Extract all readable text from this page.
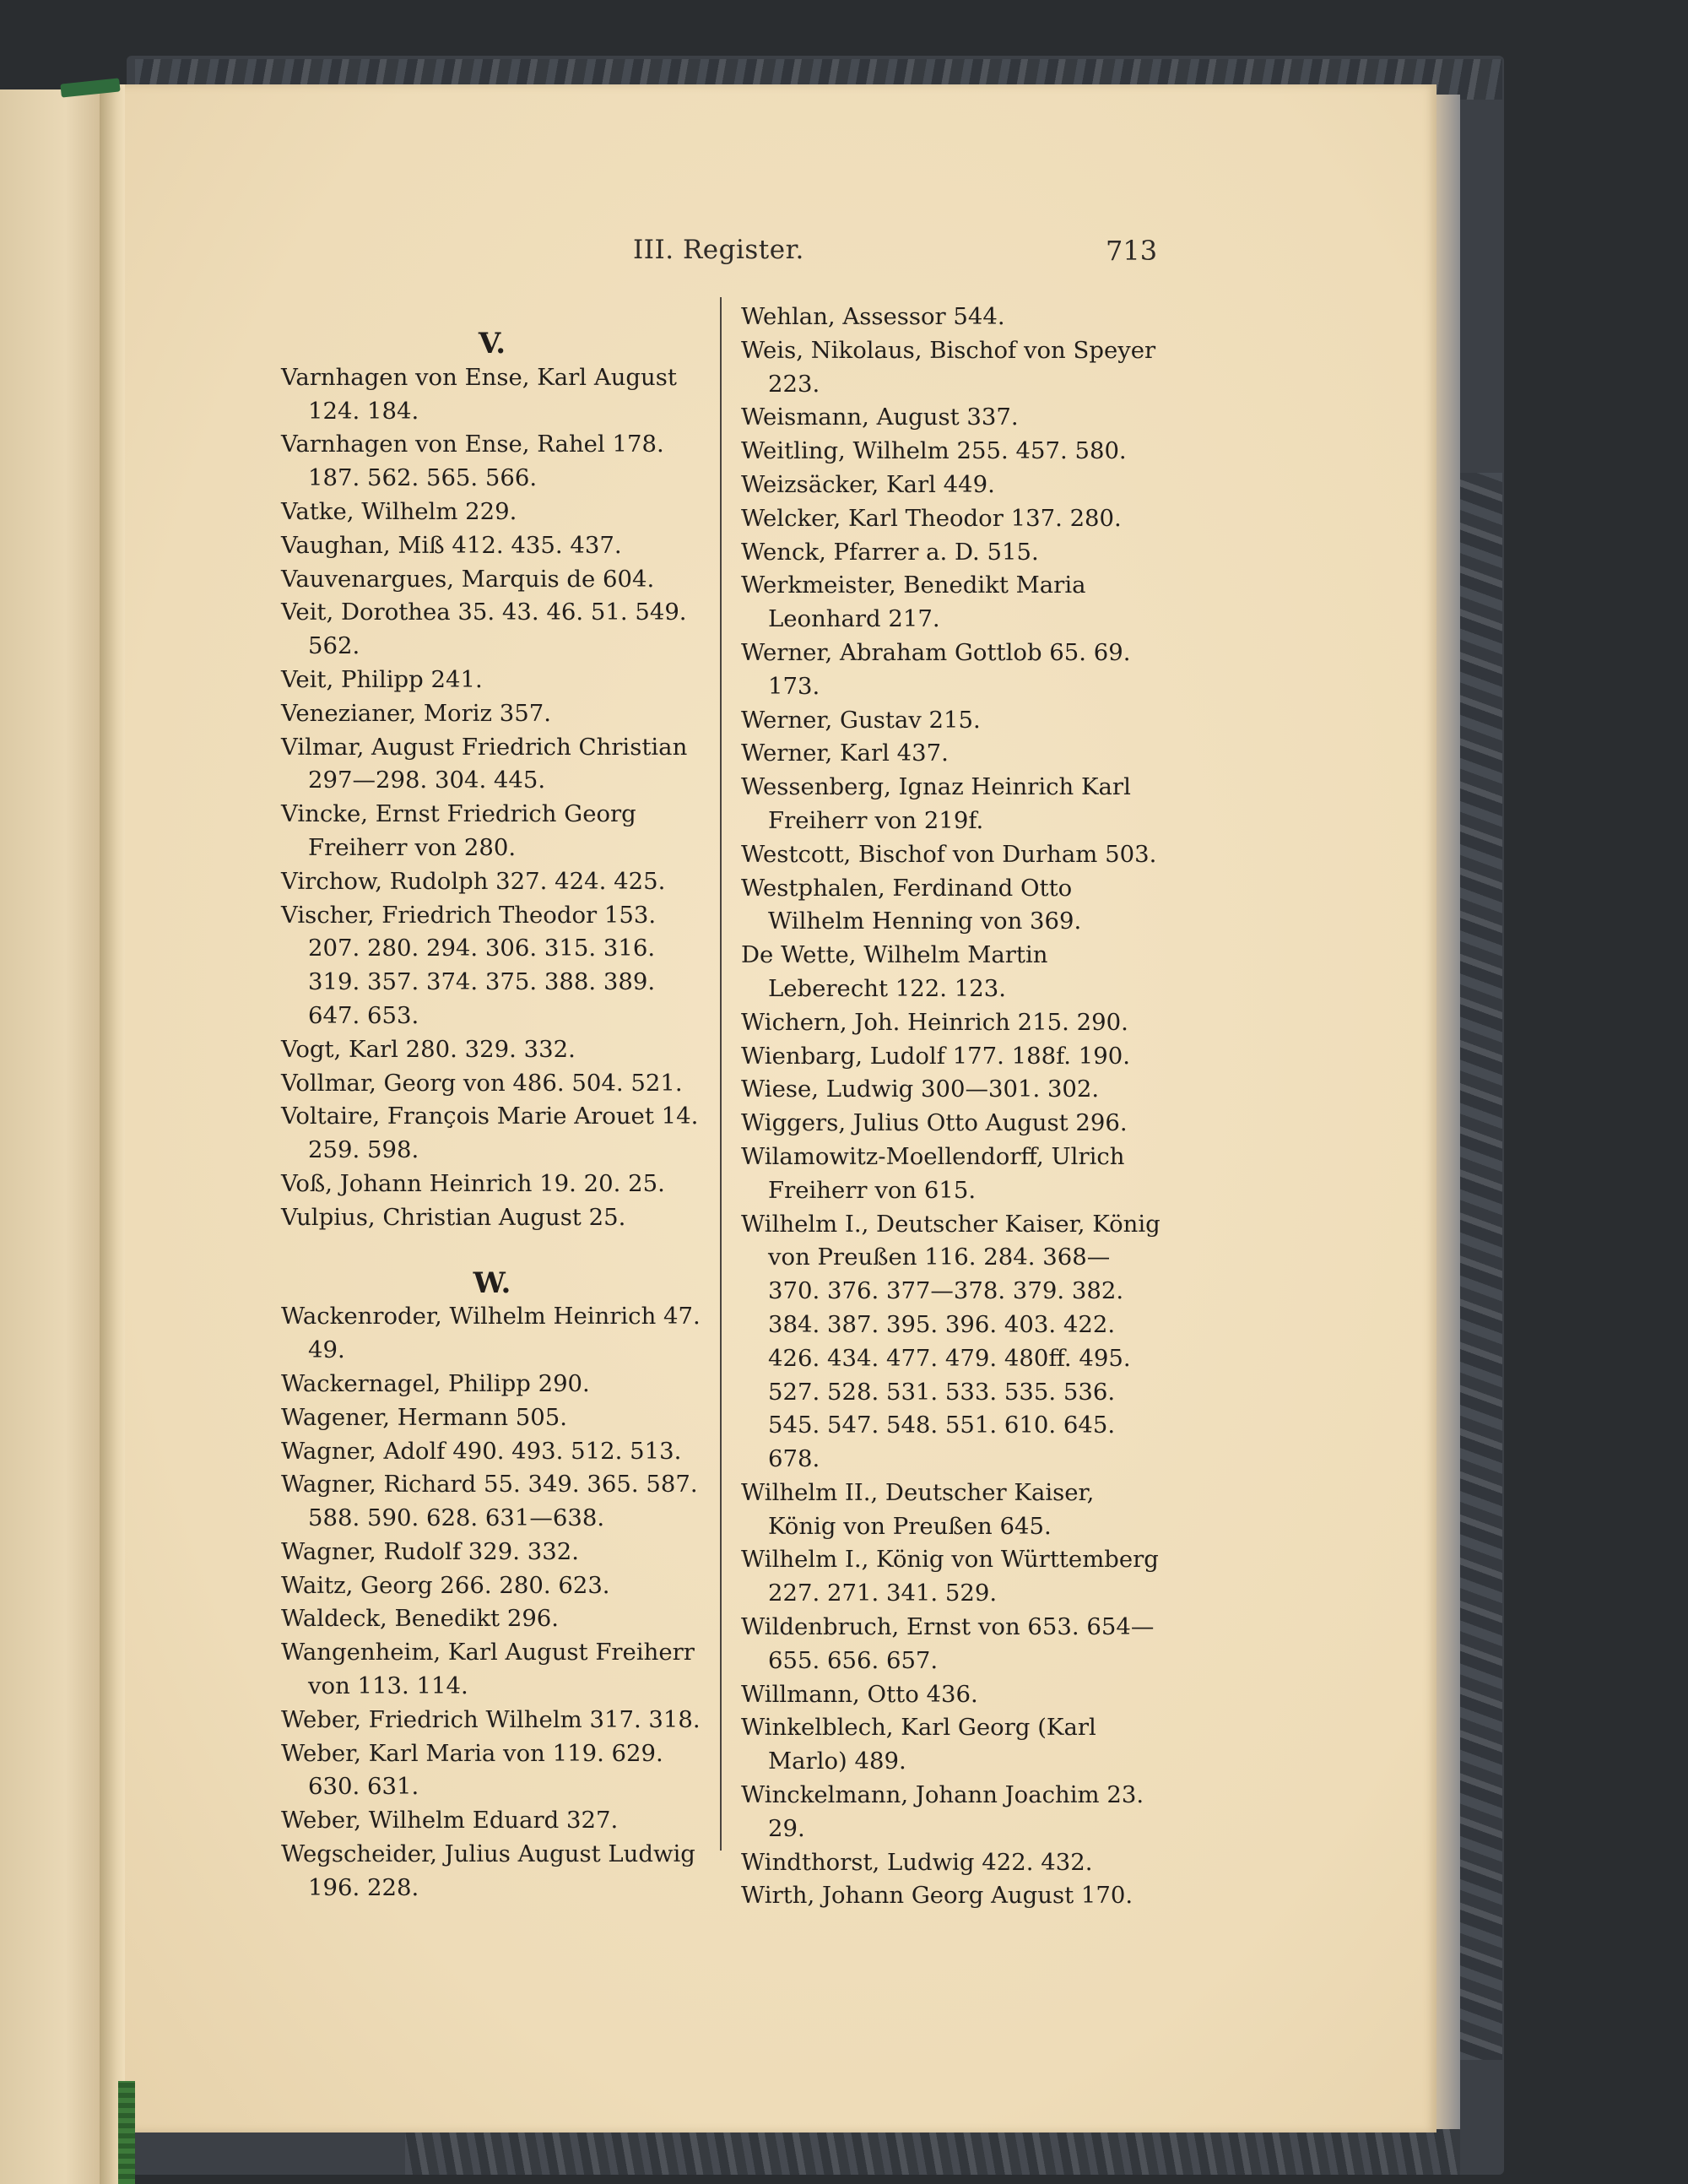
III. Register.	713

V.

Varnhagen von Ense, Karl August 124. 184.

Varnhagen von Ense, Rahel 178. 187. 562. 565. 566.

Vatke, Wilhelm 229.

Vaughan, Miß 412. 435. 437.

Vauvenargues, Marquis de 604.

Veit, Dorothea 35. 43. 46. 51. 549. 562.

Veit, Philipp 241.

Venezianer, Moriz 357.

Vilmar, August Friedrich Christian 297—298. 304. 445.

Vincke, Ernst Friedrich Georg Freiherr von 280.

Virchow, Rudolph 327. 424. 425.

Vischer, Friedrich Theodor 153. 207. 280. 294. 306. 315. 316. 319. 357. 374. 375. 388. 389. 647. 653.

Vogt, Karl 280. 329. 332.

Vollmar, Georg von 486. 504. 521.

Voltaire, François Marie Arouet 14. 259. 598.

Voß, Johann Heinrich 19. 20. 25.

Vulpius, Christian August 25.

W.

Wackenroder, Wilhelm Heinrich 47. 49.

Wackernagel, Philipp 290.

Wagener, Hermann 505.

Wagner, Adolf 490. 493. 512. 513.

Wagner, Richard 55. 349. 365. 587. 588. 590. 628. 631—638.

Wagner, Rudolf 329. 332.

Waitz, Georg 266. 280. 623.

Waldeck, Benedikt 296.

Wangenheim, Karl August Freiherr von 113. 114.

Weber, Friedrich Wilhelm 317. 318.

Weber, Karl Maria von 119. 629. 630. 631.

Weber, Wilhelm Eduard 327.

Wegscheider, Julius August Ludwig 196. 228.

Wehlan, Assessor 544.

Weis, Nikolaus, Bischof von Speyer 223.

Weismann, August 337.

Weitling, Wilhelm 255. 457. 580.

Weizsäcker, Karl 449.

Welcker, Karl Theodor 137. 280.

Wenck, Pfarrer a. D. 515.

Werkmeister, Benedikt Maria Leonhard 217.

Werner, Abraham Gottlob 65. 69. 173.

Werner, Gustav 215.

Werner, Karl 437.

Wessenberg, Ignaz Heinrich Karl Freiherr von 219f.

Westcott, Bischof von Durham 503.

Westphalen, Ferdinand Otto Wilhelm Henning von 369.

De Wette, Wilhelm Martin Leberecht 122. 123.

Wichern, Joh. Heinrich 215. 290.

Wienbarg, Ludolf 177. 188f. 190.

Wiese, Ludwig 300—301. 302.

Wiggers, Julius Otto August 296.

Wilamowitz-Moellendorff, Ulrich Freiherr von 615.

Wilhelm I., Deutscher Kaiser, König von Preußen 116. 284. 368—370. 376. 377—378. 379. 382. 384. 387. 395. 396. 403. 422. 426. 434. 477. 479. 480ff. 495. 527. 528. 531. 533. 535. 536. 545. 547. 548. 551. 610. 645. 678.

Wilhelm II., Deutscher Kaiser, König von Preußen 645.

Wilhelm I., König von Württemberg 227. 271. 341. 529.

Wildenbruch, Ernst von 653. 654—655. 656. 657.

Willmann, Otto 436.

Winkelblech, Karl Georg (Karl Marlo) 489.

Winckelmann, Johann Joachim 23. 29.

Windthorst, Ludwig 422. 432.

Wirth, Johann Georg August 170.
